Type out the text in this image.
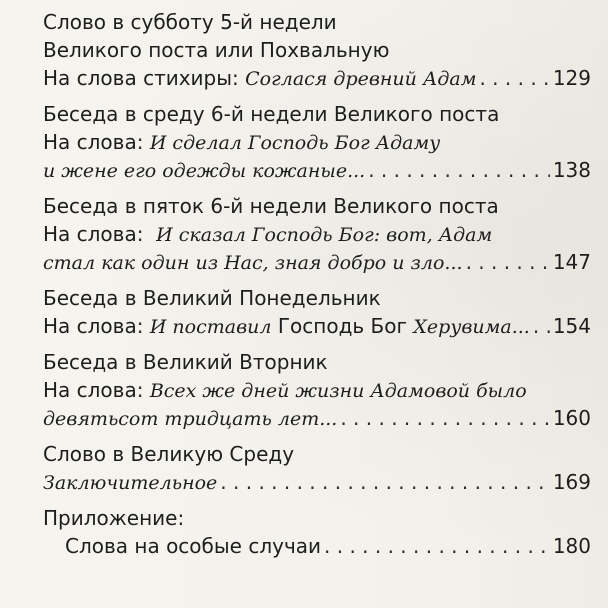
Слово в субботу 5-й недели
Великого поста или Похвальную
На слова стихиры:
Соглася древний Адам . . .	129
Беседа в среду 6-й недели Великого поста
На слова:
И сделал Господь Бог Адаму
и жене его одежды кожаные... . . .	138
Беседа в пяток 6-й недели Великого поста
На слова:
И сказал Господь Бог: вот, Адам
стал как один из Нас, зная добро и зло... . . .	147
Беседа в Великий Понедельник
На слова:
И поставил Господь Бог Херувима... . . . 154
Беседа в Великий Вторник
На слова:
Всех же дней жизни Адамовой было
девятьсот тридцать лет... . . .	160
Слово в Великую Среду
Заключительное . . .	169
Приложение:
Слова на особые случаи . . .	180
